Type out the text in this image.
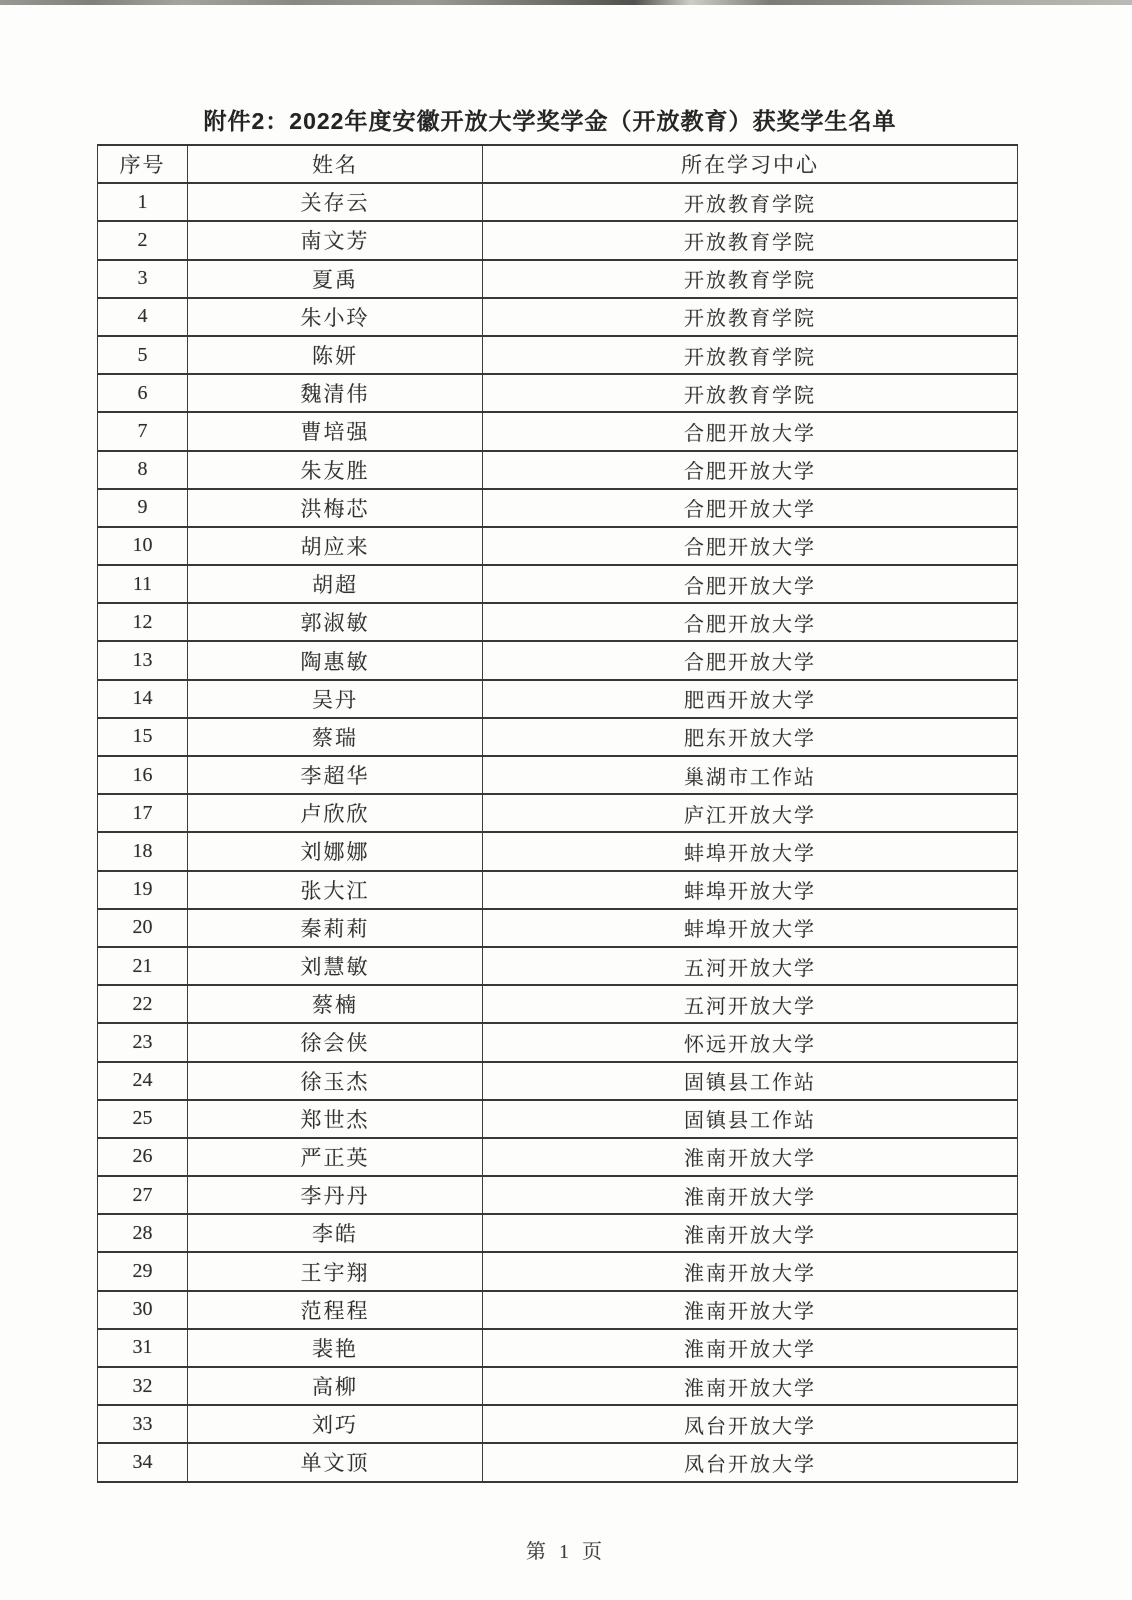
附件2：2022年度安徽开放大学奖学金（开放教育）获奖学生名单
序号	姓名	所在学习中心
1	关存云	开放教育学院
2	南文芳	开放教育学院
3	夏禹	开放教育学院
4	朱小玲	开放教育学院
5	陈妍	开放教育学院
6	魏清伟	开放教育学院
7	曹培强	合肥开放大学
8	朱友胜	合肥开放大学
9	洪梅芯	合肥开放大学
10	胡应来	合肥开放大学
11	胡超	合肥开放大学
12	郭淑敏	合肥开放大学
13	陶惠敏	合肥开放大学
14	吴丹	肥西开放大学
15	蔡瑞	肥东开放大学
16	李超华	巢湖市工作站
17	卢欣欣	庐江开放大学
18	刘娜娜	蚌埠开放大学
19	张大江	蚌埠开放大学
20	秦莉莉	蚌埠开放大学
21	刘慧敏	五河开放大学
22	蔡楠	五河开放大学
23	徐会侠	怀远开放大学
24	徐玉杰	固镇县工作站
25	郑世杰	固镇县工作站
26	严正英	淮南开放大学
27	李丹丹	淮南开放大学
28	李皓	淮南开放大学
29	王宇翔	淮南开放大学
30	范程程	淮南开放大学
31	裴艳	淮南开放大学
32	高柳	淮南开放大学
33	刘巧	凤台开放大学
34	单文顶	凤台开放大学
第 1 页
